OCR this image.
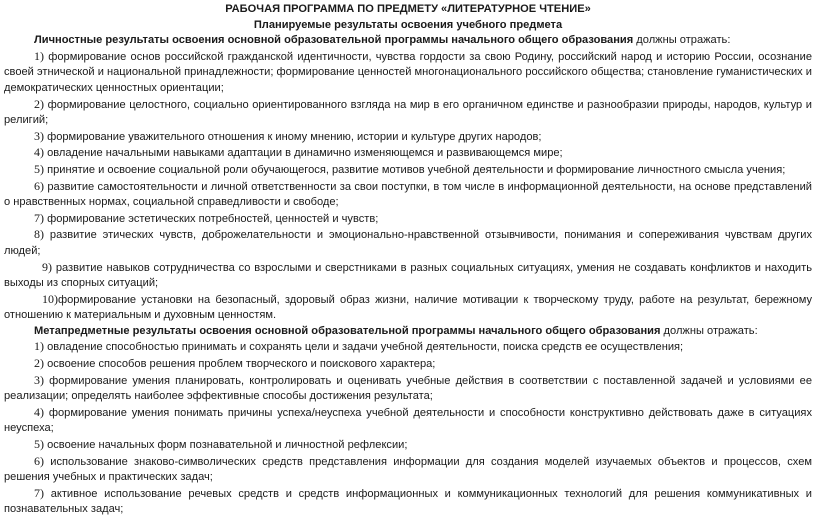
РАБОЧАЯ ПРОГРАММА ПО ПРЕДМЕТУ «ЛИТЕРАТУРНОЕ ЧТЕНИЕ»
Планируемые результаты освоения учебного предмета

Личностные результаты освоения основной образовательной программы начального общего образования должны отражать:

1) формирование основ российской гражданской идентичности, чувства гордости за свою Родину, российский народ и историю России, осознание своей этнической и национальной принадлежности; формирование ценностей многонационального российского общества; становление гуманистических и демократических ценностных ориентации;

2) формирование целостного, социально ориентированного взгляда на мир в его органичном единстве и разнообразии природы, народов, культур и религий;

3) формирование уважительного отношения к иному мнению, истории и культуре других народов;

4) овладение начальными навыками адаптации в динамично изменяющемся и развивающемся мире;

5) принятие и освоение социальной роли обучающегося, развитие мотивов учебной деятельности и формирование личностного смысла учения;

6) развитие самостоятельности и личной ответственности за свои поступки, в том числе в информационной деятельности, на основе представлений о нравственных нормах, социальной справедливости и свободе;

7) формирование эстетических потребностей, ценностей и чувств;

8) развитие этических чувств, доброжелательности и эмоционально-нравственной отзывчивости, понимания и сопереживания чувствам других людей;

9) развитие навыков сотрудничества со взрослыми и сверстниками в разных социальных ситуациях, умения не создавать конфликтов и находить выходы из спорных ситуаций;

10)формирование установки на безопасный, здоровый образ жизни, наличие мотивации к творческому труду, работе на результат, бережному отношению к материальным и духовным ценностям.

Метапредметные результаты освоения основной образовательной программы начального общего образования должны отражать:

1) овладение способностью принимать и сохранять цели и задачи учебной деятельности, поиска средств ее осуществления;

2) освоение способов решения проблем творческого и поискового характера;

3) формирование умения планировать, контролировать и оценивать учебные действия в соответствии с поставленной задачей и условиями ее реализации; определять наиболее эффективные способы достижения результата;

4) формирование умения понимать причины успеха/неуспеха учебной деятельности и способности конструктивно действовать даже в ситуациях неуспеха;

5) освоение начальных форм познавательной и личностной рефлексии;

6) использование знаково-символических средств представления информации для создания моделей изучаемых объектов и процессов, схем решения учебных и практических задач;

7) активное использование речевых средств и средств информационных и коммуникационных технологий для решения коммуникативных и познавательных задач;
